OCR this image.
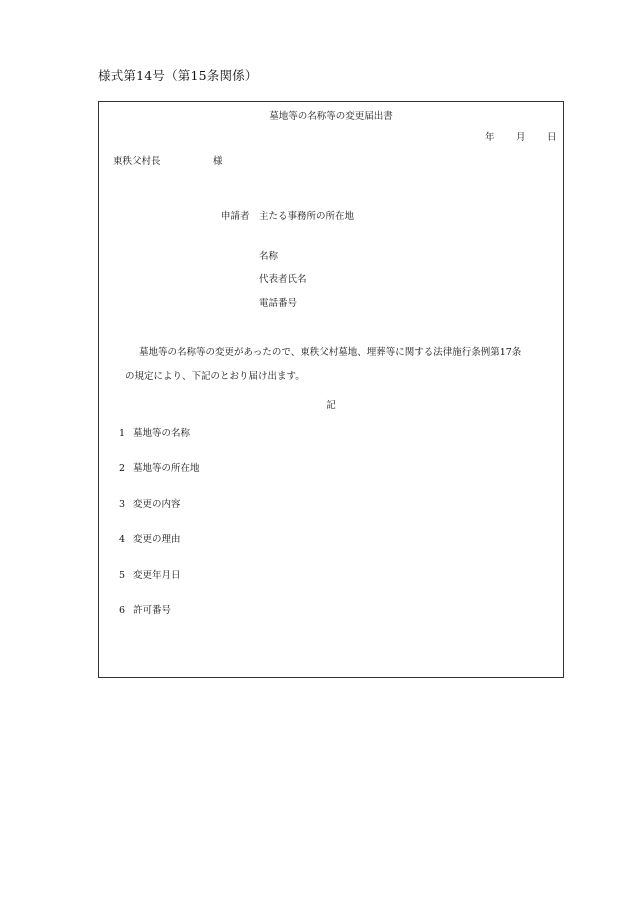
様式第14号（第15条関係）
墓地等の名称等の変更届出書
年 月 日
東秩父村長	様
申請者 主たる事務所の所在地
名称
代表者氏名
電話番号
墓地等の名称等の変更があったので、東秩父村墓地、埋葬等に関する法律施行条例第17条
の規定により、下記のとおり届け出ます。
記
1 墓地等の名称
2 墓地等の所在地
3 変更の内容
4 変更の理由
5 変更年月日
6 許可番号
